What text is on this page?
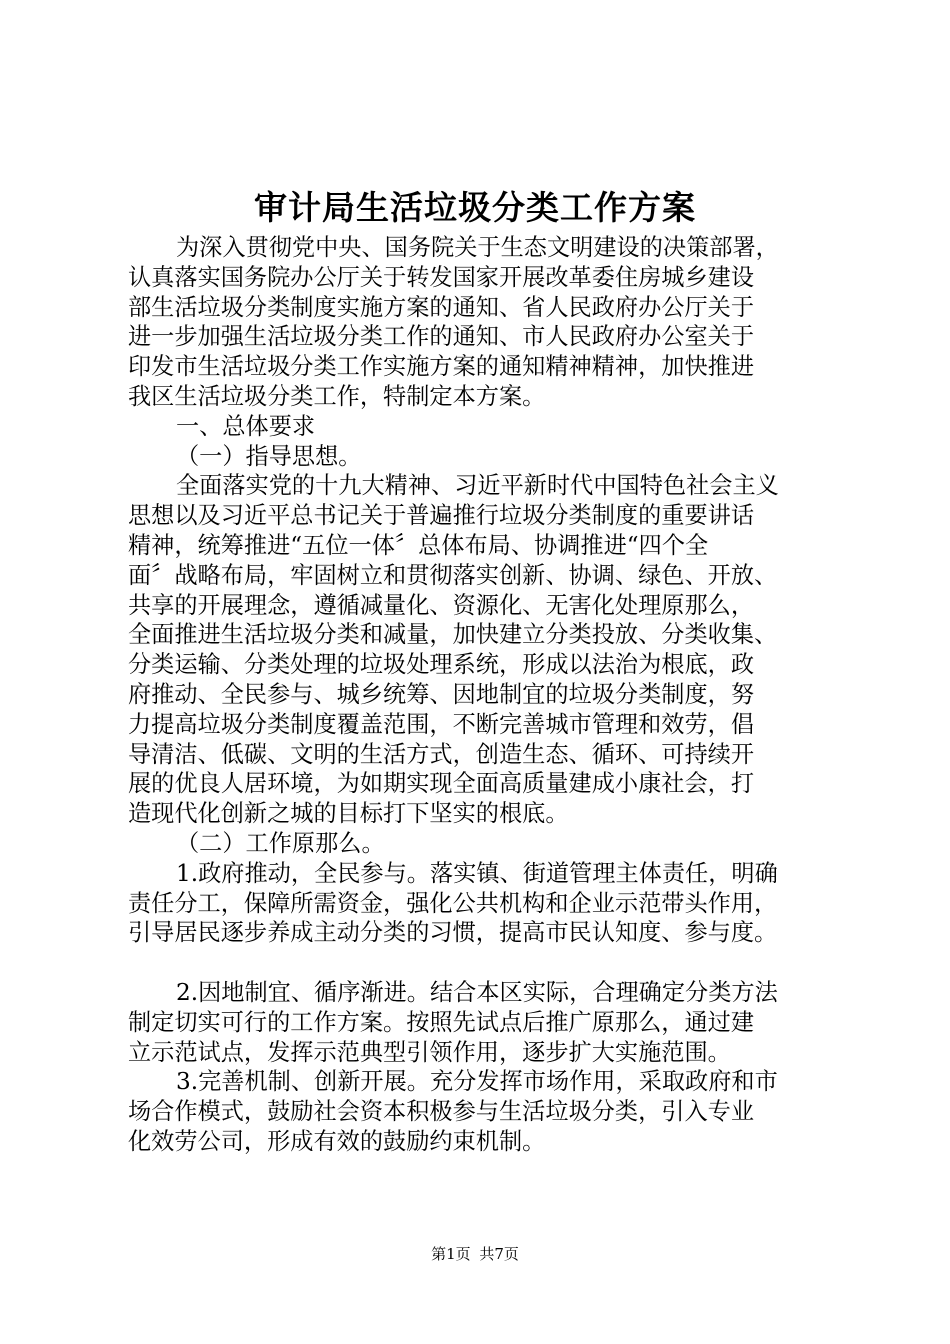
审计局生活垃圾分类工作方案
为深入贯彻党中央、国务院关于生态文明建设的决策部署，
认真落实国务院办公厅关于转发国家开展改革委住房城乡建设
部生活垃圾分类制度实施方案的通知、省人民政府办公厅关于
进一步加强生活垃圾分类工作的通知、市人民政府办公室关于
印发市生活垃圾分类工作实施方案的通知精神精神，加快推进
我区生活垃圾分类工作，特制定本方案。
一、总体要求
（一）指导思想。
全面落实党的十九大精神、习近平新时代中国特色社会主义
思想以及习近平总书记关于普遍推行垃圾分类制度的重要讲话
精神，统筹推进“五位一体〞总体布局、协调推进“四个全
面〞战略布局，牢固树立和贯彻落实创新、协调、绿色、开放、
共享的开展理念，遵循减量化、资源化、无害化处理原那么，
全面推进生活垃圾分类和减量，加快建立分类投放、分类收集、
分类运输、分类处理的垃圾处理系统，形成以法治为根底，政
府推动、全民参与、城乡统筹、因地制宜的垃圾分类制度，努
力提高垃圾分类制度覆盖范围，不断完善城市管理和效劳，倡
导清洁、低碳、文明的生活方式，创造生态、循环、可持续开
展的优良人居环境，为如期实现全面高质量建成小康社会，打
造现代化创新之城的目标打下坚实的根底。
（二）工作原那么。
1.政府推动，全民参与。落实镇、街道管理主体责任，明确
责任分工，保障所需资金，强化公共机构和企业示范带头作用，
引导居民逐步养成主动分类的习惯，提高市民认知度、参与度。
2.因地制宜、循序渐进。结合本区实际，合理确定分类方法
制定切实可行的工作方案。按照先试点后推广原那么，通过建
立示范试点，发挥示范典型引领作用，逐步扩大实施范围。
3.完善机制、创新开展。充分发挥市场作用，采取政府和市
场合作模式，鼓励社会资本积极参与生活垃圾分类，引入专业
化效劳公司，形成有效的鼓励约束机制。
第1页 共7页
